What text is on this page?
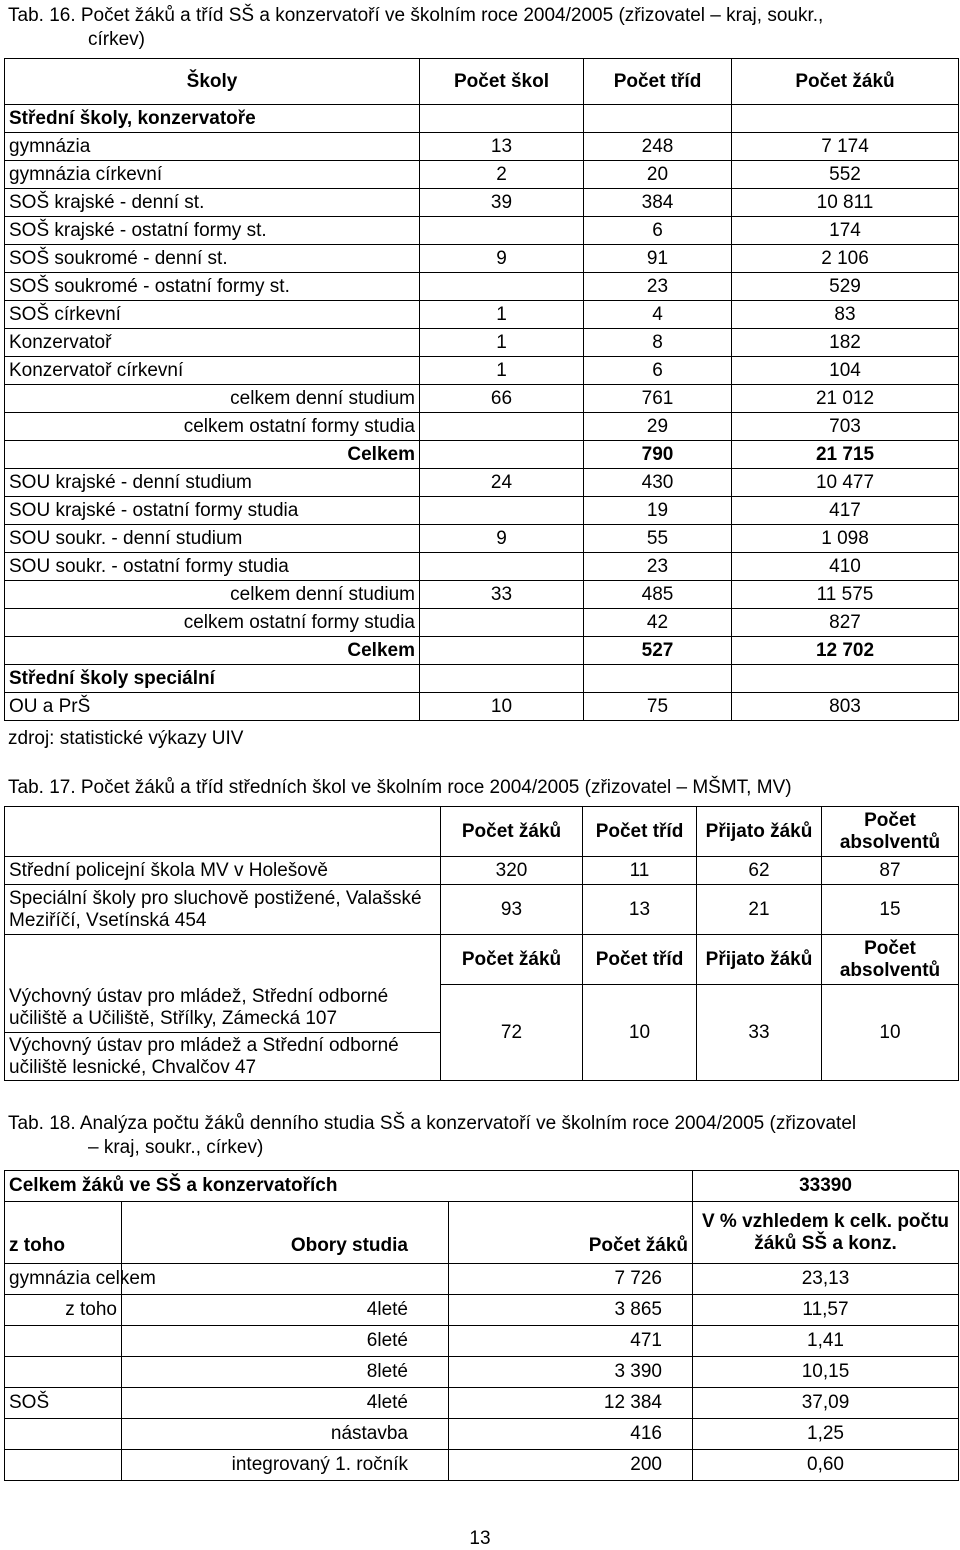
Tab. 16. Počet žáků a tříd SŠ a konzervatoří ve školním roce 2004/2005 (zřizovatel – kraj, soukr.,
církev)
Školy	Počet škol	Počet tříd	Počet žáků
Střední školy, konzervatoře			
gymnázia	13	248	7 174
gymnázia církevní	2	20	552
SOŠ krajské - denní st.	39	384	10 811
SOŠ krajské - ostatní formy st.		6	174
SOŠ soukromé - denní st.	9	91	2 106
SOŠ soukromé - ostatní formy st.		23	529
SOŠ církevní	1	4	83
Konzervatoř	1	8	182
Konzervatoř církevní	1	6	104
celkem denní studium	66	761	21 012
celkem ostatní formy studia		29	703
Celkem		790	21 715
SOU krajské - denní studium	24	430	10 477
SOU krajské - ostatní formy studia		19	417
SOU soukr. - denní studium	9	55	1 098
SOU soukr. - ostatní formy studia		23	410
celkem denní studium	33	485	11 575
celkem ostatní formy studia		42	827
Celkem		527	12 702
Střední školy speciální			
OU a PrŠ	10	75	803
zdroj: statistické výkazy UIV
Tab. 17. Počet žáků a tříd středních škol ve školním roce 2004/2005 (zřizovatel – MŠMT, MV)
	Počet žáků	Počet tříd	Přijato žáků	Počet absolventů
Střední policejní škola MV v Holešově	320	11	62	87
Speciální školy pro sluchově postižené, Valašské Meziříčí, Vsetínská 454	93	13	21	15
	Počet žáků	Počet tříd	Přijato žáků	Počet absolventů
Výchovný ústav pro mládež, Střední odborné učiliště a Učiliště, Střílky, Zámecká 107	72	10	33	10
Výchovný ústav pro mládež a Střední odborné učiliště lesnické, Chvalčov 47				
Tab. 18. Analýza počtu žáků denního studia SŠ a konzervatoří ve školním roce 2004/2005 (zřizovatel
– kraj, soukr., církev)
Celkem žáků ve SŠ a konzervatořích			33390
z toho	Obory studia	Počet žáků	V % vzhledem k celk. počtu žáků SŠ a konz.
gymnázia celkem		7 726	23,13
z toho	4leté	3 865	11,57
	6leté	471	1,41
	8leté	3 390	10,15
SOŠ	4leté	12 384	37,09
	nástavba	416	1,25
	integrovaný 1. ročník	200	0,60
13
